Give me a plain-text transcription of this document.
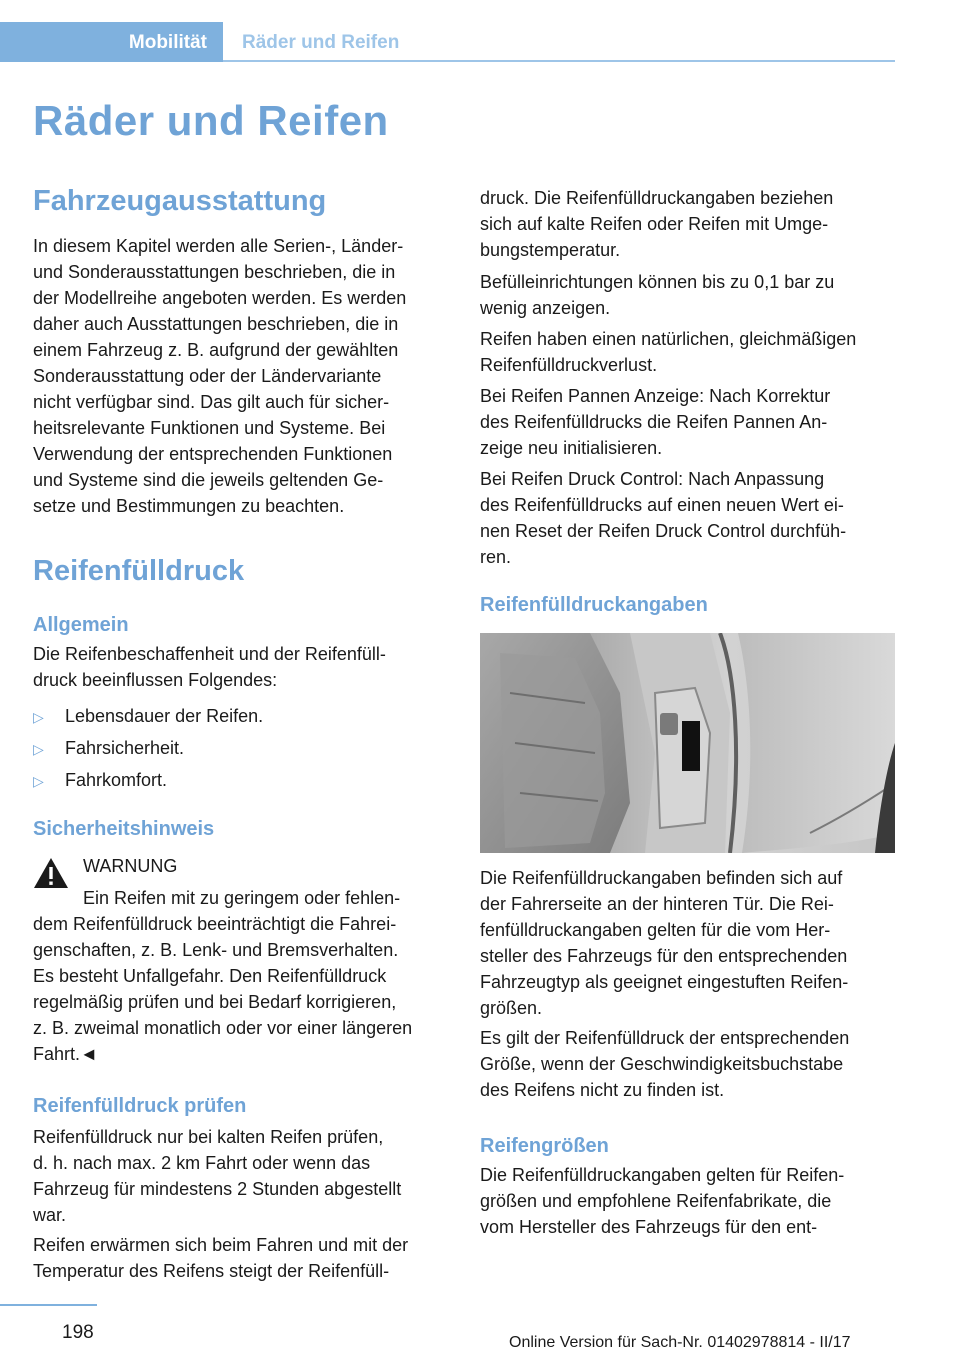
Mobilität Räder und Reifen
Räder und Reifen
Fahrzeugausstattung

In diesem Kapitel werden alle Serien-, Länder-
und Sonderausstattungen beschrieben, die in
der Modellreihe angeboten werden. Es werden
daher auch Ausstattungen beschrieben, die in
einem Fahrzeug z. B. aufgrund der gewählten
Sonderausstattung oder der Ländervariante
nicht verfügbar sind. Das gilt auch für sicher-
heitsrelevante Funktionen und Systeme. Bei
Verwendung der entsprechenden Funktionen
und Systeme sind die jeweils geltenden Ge-
setze und Bestimmungen zu beachten.

Reifenfülldruck
Allgemein

Die Reifenbeschaffenheit und der Reifenfüll-
druck beeinflussen Folgendes:

▷ Lebensdauer der Reifen.
▷ Fahrsicherheit.
▷ Fahrkomfort.
Sicherheitshinweis

WARNUNG

Ein Reifen mit zu geringem oder fehlen-

dem Reifenfülldruck beeinträchtigt die Fahrei-
genschaften, z. B. Lenk- und Bremsverhalten.
Es besteht Unfallgefahr. Den Reifenfülldruck
regelmäßig prüfen und bei Bedarf korrigieren,
z. B. zweimal monatlich oder vor einer längeren
Fahrt.◄

Reifenfülldruck prüfen

Reifenfülldruck nur bei kalten Reifen prüfen,
d. h. nach max. 2 km Fahrt oder wenn das
Fahrzeug für mindestens 2 Stunden abgestellt
war.

Reifen erwärmen sich beim Fahren und mit der
Temperatur des Reifens steigt der Reifenfüll-

druck. Die Reifenfülldruckangaben beziehen
sich auf kalte Reifen oder Reifen mit Umge-
bungstemperatur.

Befülleinrichtungen können bis zu 0,1 bar zu
wenig anzeigen.

Reifen haben einen natürlichen, gleichmäßigen
Reifenfülldruckverlust.

Bei Reifen Pannen Anzeige: Nach Korrektur
des Reifenfülldrucks die Reifen Pannen An-
zeige neu initialisieren.

Bei Reifen Druck Control: Nach Anpassung
des Reifenfülldrucks auf einen neuen Wert ei-
nen Reset der Reifen Druck Control durchfüh-
ren.

Reifenfülldruckangaben

Die Reifenfülldruckangaben befinden sich auf
der Fahrerseite an der hinteren Tür. Die Rei-
fenfülldruckangaben gelten für die vom Her-
steller des Fahrzeugs für den entsprechenden
Fahrzeugtyp als geeignet eingestuften Reifen-
größen.

Es gilt der Reifenfülldruck der entsprechenden
Größe, wenn der Geschwindigkeitsbuchstabe
des Reifens nicht zu finden ist.

Reifengrößen

Die Reifenfülldruckangaben gelten für Reifen-
größen und empfohlene Reifenfabrikate, die
vom Hersteller des Fahrzeugs für den ent-

198	Online Version für Sach-Nr. 01402978814 - II/17
